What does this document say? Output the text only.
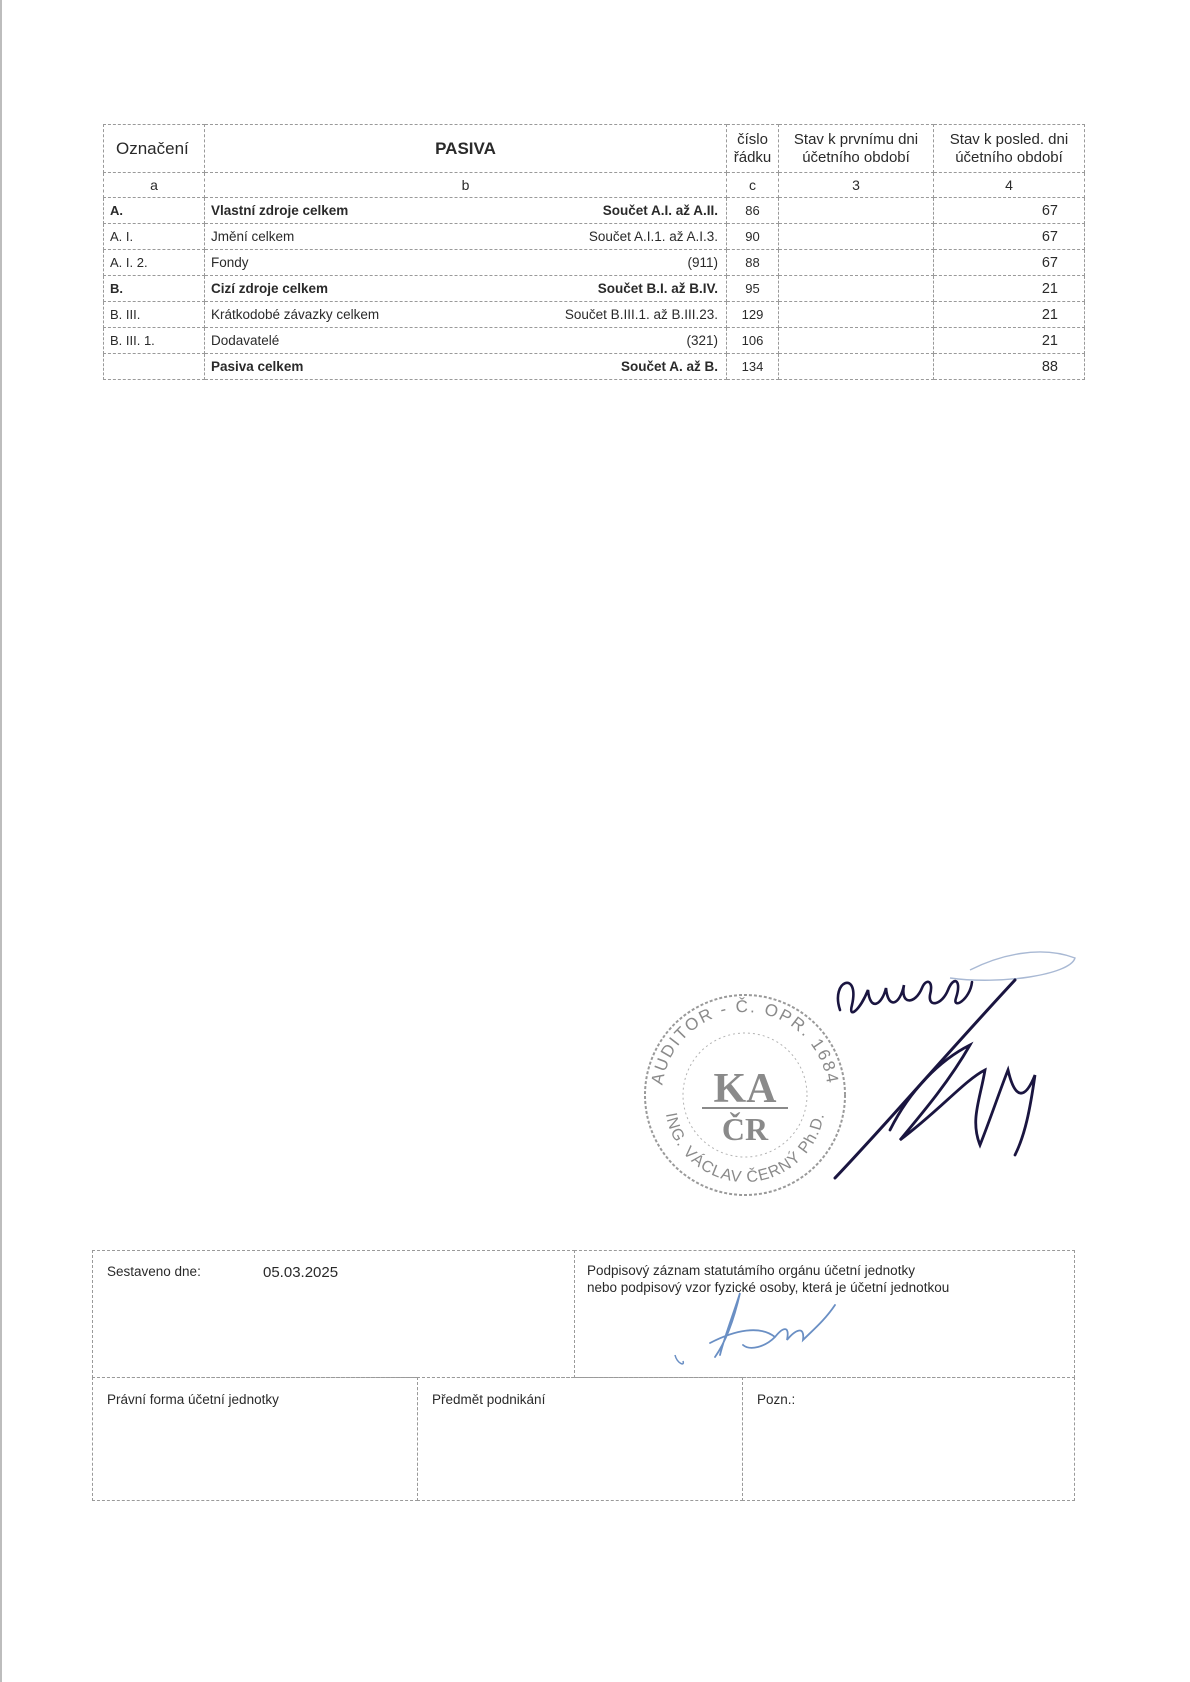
Označení	PASIVA	číslo řádku	Stav k prvnímu dni účetního období	Stav k posled. dni účetního období
a	b	c	3	4
A.	Vlastní zdroje celkem Součet A.I. až A.II.	86		67
A. I.	Jmění celkem Součet A.I.1. až A.I.3.	90		67
A. I. 2.	Fondy (911)	88		67
B.	Cizí zdroje celkem Součet B.I. až B.IV.	95		21
B. III.	Krátkodobé závazky celkem Součet B.III.1. až B.III.23.	129		21
B. III. 1.	Dodavatelé (321)	106		21

	Pasiva celkem Součet A. až B.	134		88
AUDITOR - Č. OPR. 1684
ING. VÁCLAV ČERNÝ Ph.D.
KA
ČR
Sestaveno dne:	05.03.2025	Podpisový záznam statutámího orgánu účetní jednotky
nebo podpisový vzor fyzické osoby, která je účetní jednotkou
Právní forma účetní jednotky	Předmět podnikání	Pozn.:
